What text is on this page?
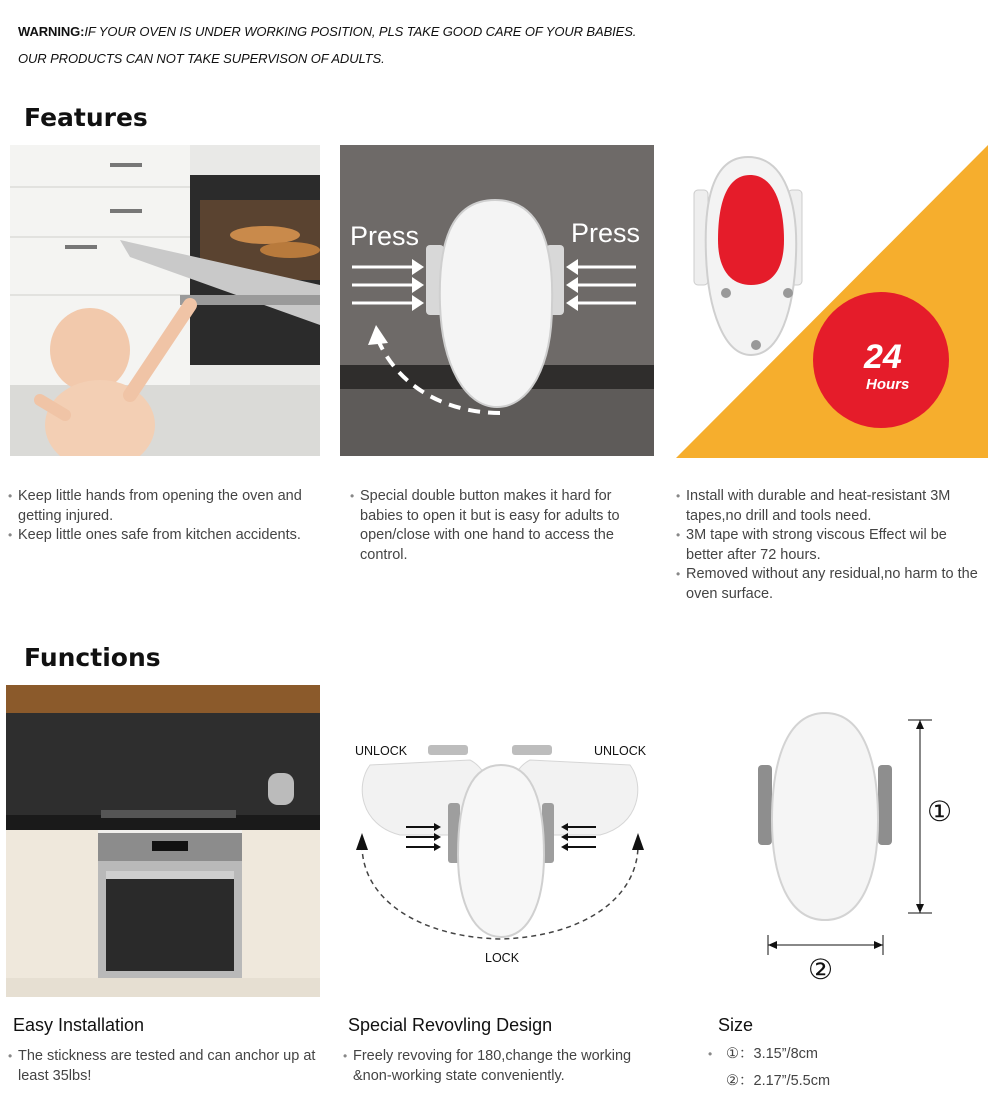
WARNING:IF YOUR OVEN IS UNDER WORKING POSITION, PLS TAKE GOOD CARE OF YOUR BABIES.
OUR PRODUCTS CAN NOT TAKE SUPERVISON OF ADULTS.
Features
Press	Press
24
Hours
• Keep little hands from opening the oven and getting injured.
• Keep little ones safe from kitchen accidents.
• Special double button makes it hard for babies to open it but is easy for adults to open/close with one hand to access the control.
• Install with durable and heat-resistant 3M tapes,no drill and tools need.
• 3M tape with strong viscous Effect wil be better after 72 hours.
• Removed without any residual,no harm to the oven surface.
Functions
UNLOCK	UNLOCK
LOCK
①
②
Easy Installation	Special Revovling Design	Size
• The stickness are tested and can anchor up at least 35lbs!
• Freely revoving for 180,change the working &non-working state conveniently.
• ①：3.15”/8cm
②：2.17”/5.5cm
